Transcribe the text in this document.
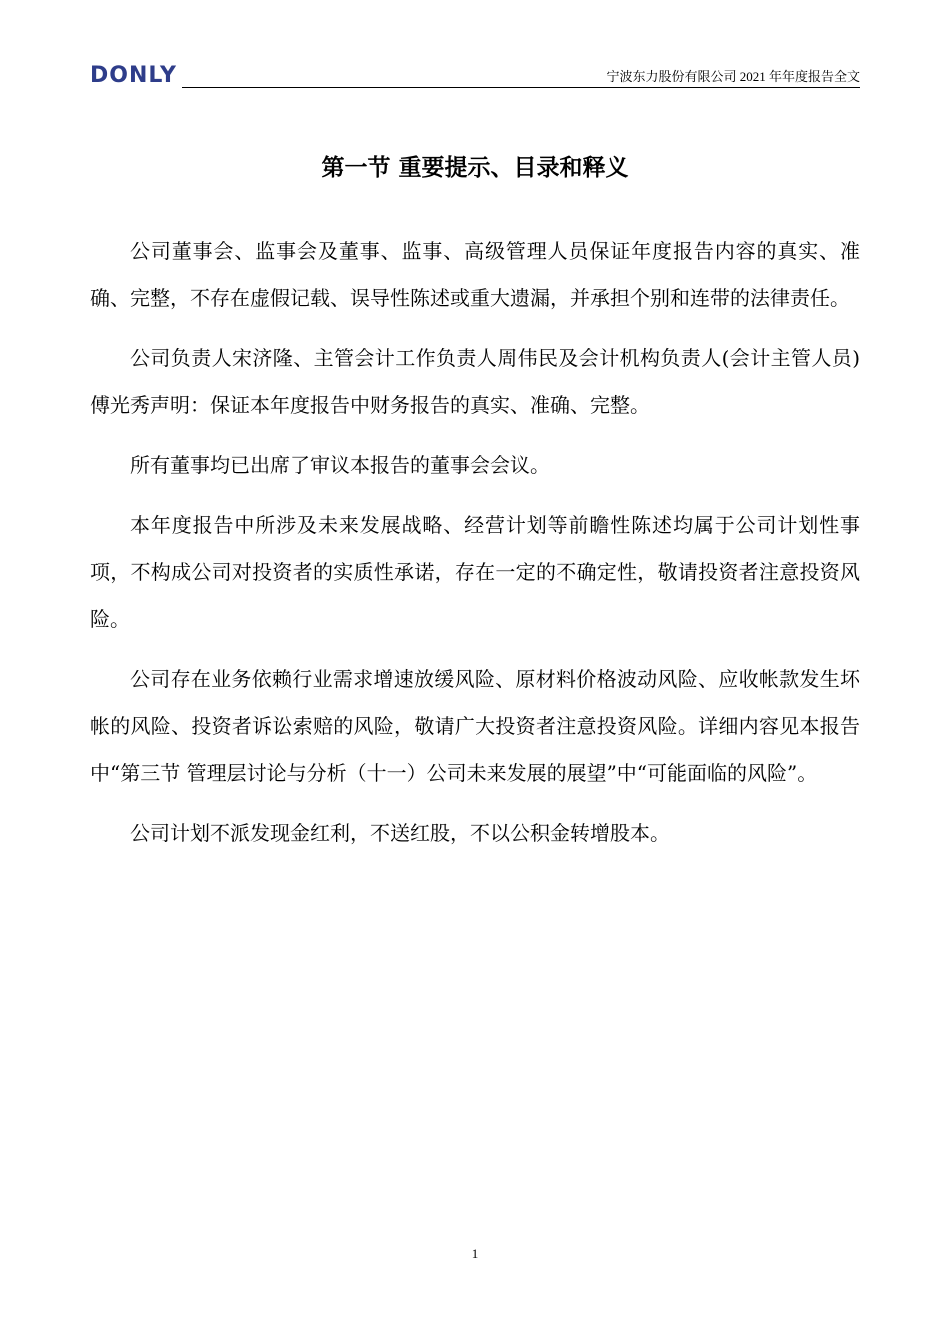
DONLY	宁波东力股份有限公司 2021 年年度报告全文
第一节 重要提示、目录和释义

公司董事会、监事会及董事、监事、高级管理人员保证年度报告内容的真实、准确、完整，不存在虚假记载、误导性陈述或重大遗漏，并承担个别和连带的法律责任。

公司负责人宋济隆、主管会计工作负责人周伟民及会计机构负责人(会计主管人员)傅光秀声明：保证本年度报告中财务报告的真实、准确、完整。

所有董事均已出席了审议本报告的董事会会议。

本年度报告中所涉及未来发展战略、经营计划等前瞻性陈述均属于公司计划性事项，不构成公司对投资者的实质性承诺，存在一定的不确定性，敬请投资者注意投资风险。

公司存在业务依赖行业需求增速放缓风险、原材料价格波动风险、应收帐款发生坏帐的风险、投资者诉讼索赔的风险，敬请广大投资者注意投资风险。详细内容见本报告中“第三节 管理层讨论与分析（十一）公司未来发展的展望”中“可能面临的风险”。

公司计划不派发现金红利，不送红股，不以公积金转增股本。

1
